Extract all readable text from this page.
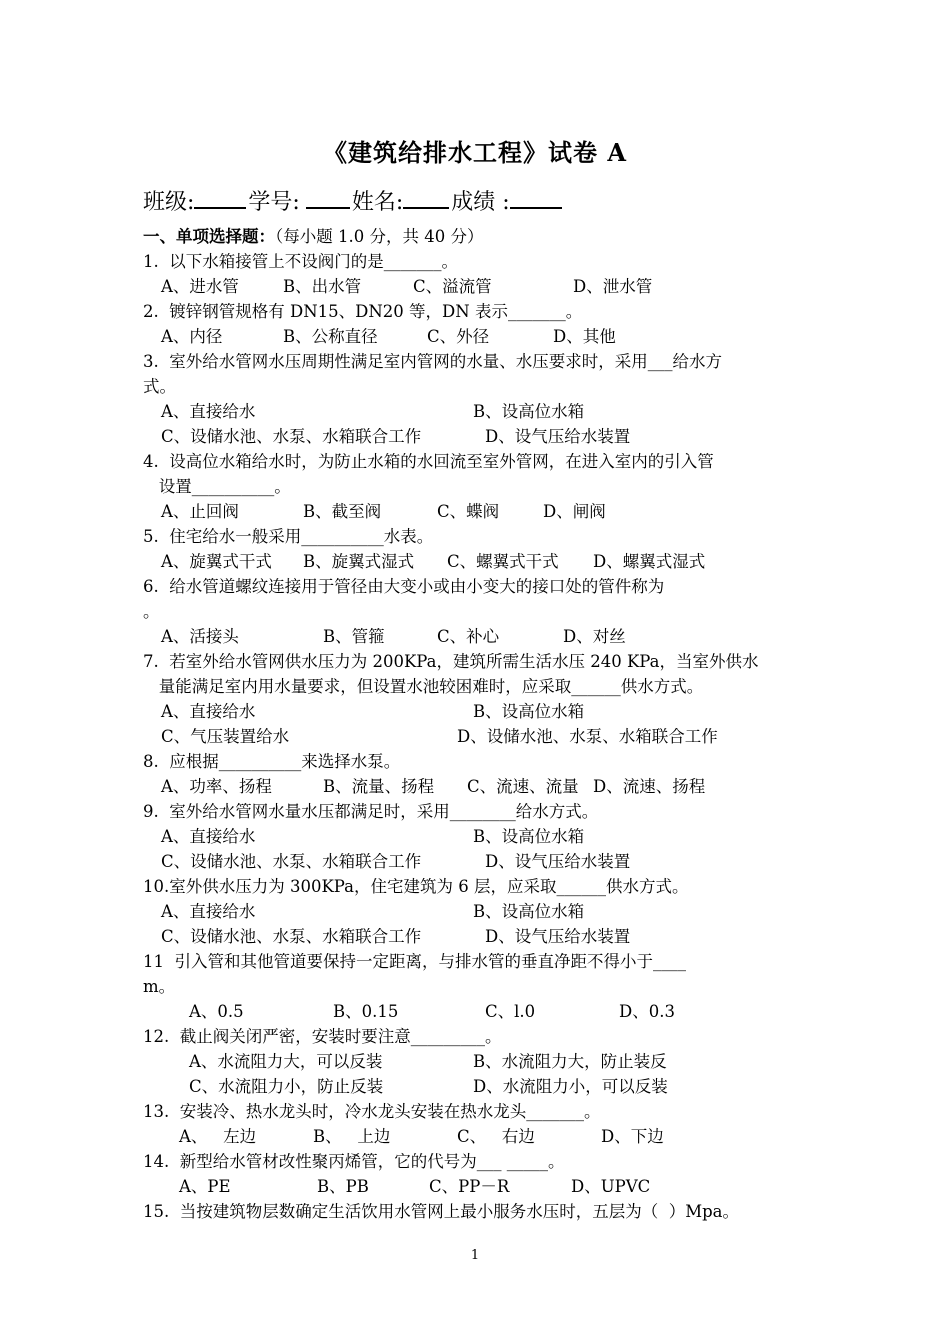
《建筑给排水工程》试卷 A
班级: 学号: 姓名: 成绩 :
一、单项选择题：（每小题 1.0 分，共 40 分）
1.  以下水箱接管上不设阀门的是_______。
A、进水管	B、出水管	C、溢流管	D、泄水管
2.  镀锌钢管规格有 DN15、DN20 等，DN 表示_______。
A、内径	B、公称直径	C、外径	D、其他
3.  室外给水管网水压周期性满足室内管网的水量、水压要求时，采用___给水方
式。
A、直接给水	B、设高位水箱
C、设储水池、水泵、水箱联合工作	D、设气压给水装置
4.  设高位水箱给水时，为防止水箱的水回流至室外管网，在进入室内的引入管
设置__________。
A、止回阀	B、截至阀	C、蝶阀	D、闸阀
5.  住宅给水一般采用__________水表。
A、旋翼式干式 B、旋翼式湿式 C、螺翼式干式 D、螺翼式湿式
6.  给水管道螺纹连接用于管径由大变小或由小变大的接口处的管件称为
。
A、活接头	B、管箍	C、补心	D、对丝
7.  若室外给水管网供水压力为 200KPa，建筑所需生活水压 240 KPa，当室外供水
量能满足室内用水量要求，但设置水池较困难时，应采取______供水方式。
A、直接给水	B、设高位水箱
C、气压装置给水	D、设储水池、水泵、水箱联合工作
8.  应根据__________来选择水泵。
A、功率、扬程	B、流量、扬程 C、流速、流量 D、流速、扬程
9.  室外给水管网水量水压都满足时，采用________给水方式。
A、直接给水	B、设高位水箱
C、设储水池、水泵、水箱联合工作	D、设气压给水装置
10.室外供水压力为 300KPa，住宅建筑为 6 层，应采取______供水方式。
A、直接给水	B、设高位水箱
C、设储水池、水泵、水箱联合工作	D、设气压给水装置
11  引入管和其他管道要保持一定距离，与排水管的垂直净距不得小于____
m。
A、0.5	B、0.15	C、l.0	D、0.3
12.  截止阀关闭严密，安装时要注意_________。
A、水流阻力大，可以反装	B、水流阻力大，防止装反
C、水流阻力小，防止反装	D、水流阻力小，可以反装
13.  安装冷、热水龙头时，冷水龙头安装在热水龙头_______。
A、   左边	B、   上边	C、   右边	D、下边
14.  新型给水管材改性聚丙烯管，它的代号为___ _____。
A、PE	B、PB	C、PP－R	D、UPVC
15.  当按建筑物层数确定生活饮用水管网上最小服务水压时，五层为（  ）Mpa。
1
